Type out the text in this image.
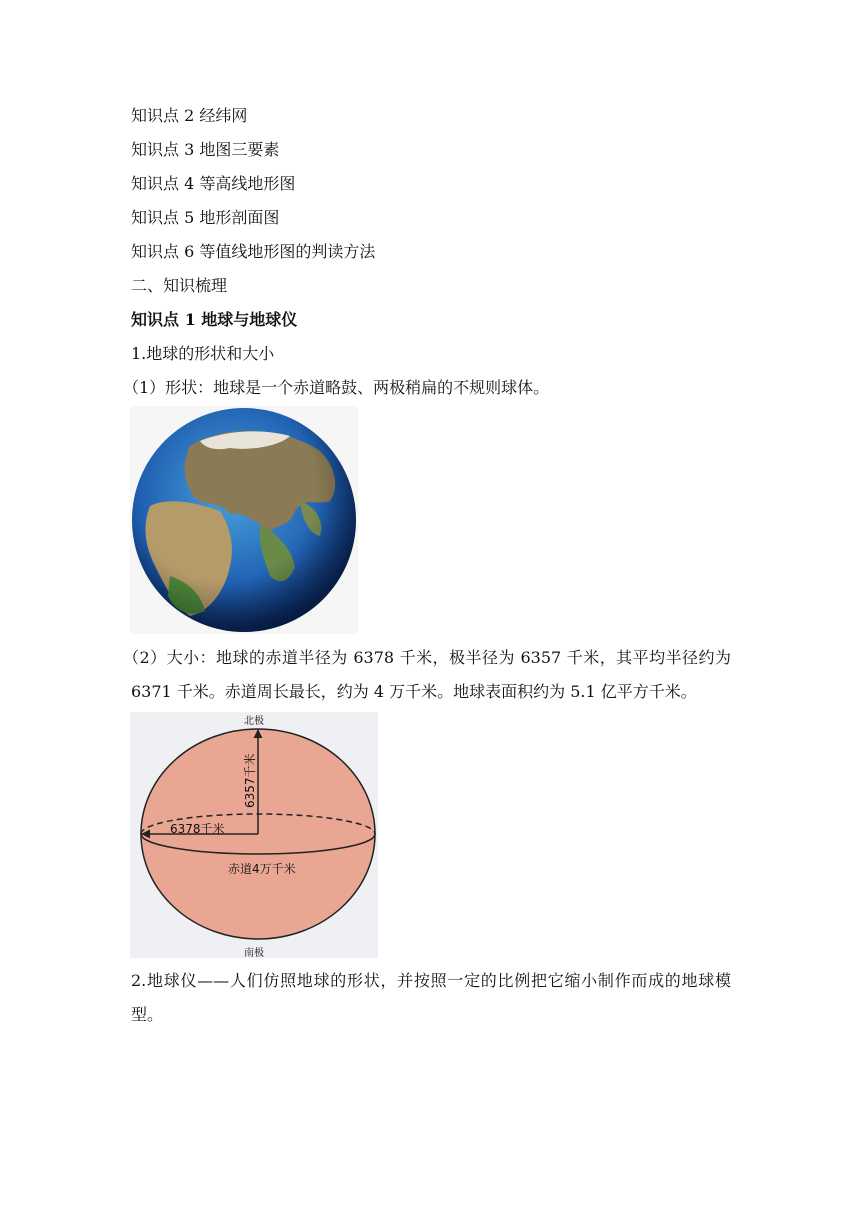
知识点 2 经纬网
知识点 3 地图三要素
知识点 4 等高线地形图
知识点 5 地形剖面图
知识点 6 等值线地形图的判读方法
二、知识梳理
知识点 1 地球与地球仪
1.地球的形状和大小
（1）形状：地球是一个赤道略鼓、两极稍扁的不规则球体。
（2）大小：地球的赤道半径为 6378 千米，极半径为 6357 千米，其平均半径约为 6371 千米。赤道周长最长，约为 4 万千米。地球表面积约为 5.1 亿平方千米。
北极
南极
6357千米
6378千米
赤道4万千米
2.地球仪——人们仿照地球的形状，并按照一定的比例把它缩小制作而成的地球模型。
